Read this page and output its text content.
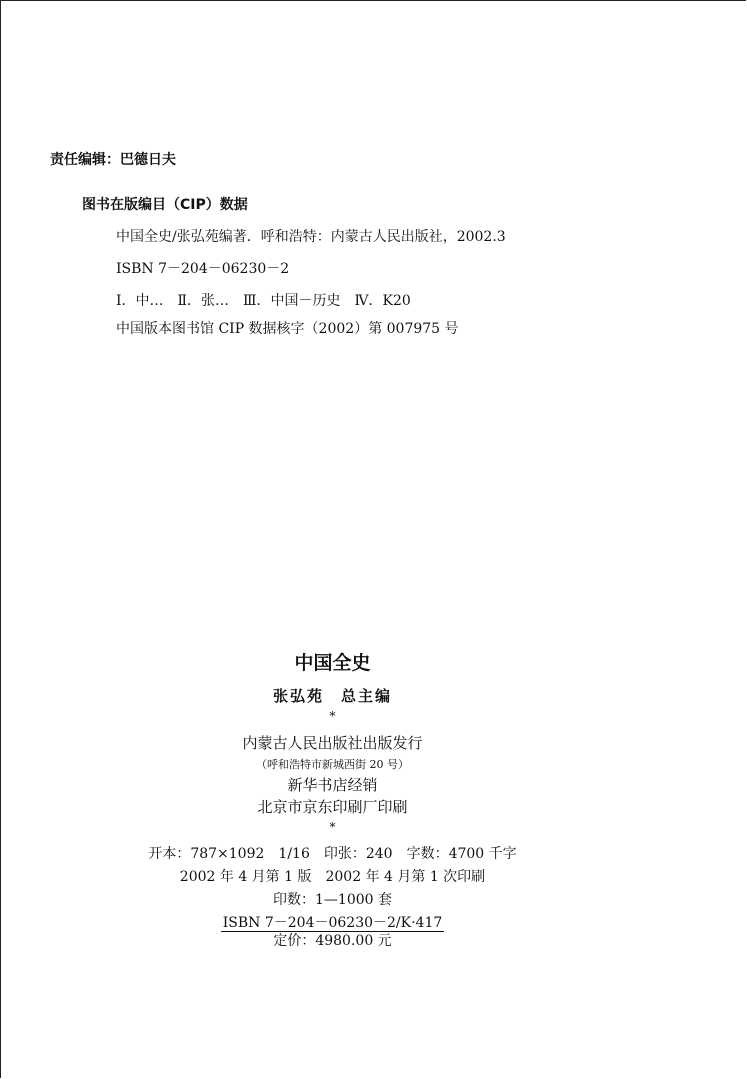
责任编辑：巴德日夫
图书在版编目（CIP）数据
中国全史/张弘苑编著．呼和浩特：内蒙古人民出版社，2002.3
ISBN 7－204－06230－2
Ⅰ．中…　Ⅱ．张…　Ⅲ．中国－历史　Ⅳ．K20
中国版本图书馆 CIP 数据核字（2002）第 007975 号
中国全史
张弘苑　总主编
*
内蒙古人民出版社出版发行
（呼和浩特市新城西街 20 号）
新华书店经销
北京市京东印刷厂印刷
*
开本：787×1092　1/16　印张：240　字数：4700 千字
2002 年 4 月第 1 版　2002 年 4 月第 1 次印刷
印数：1—1000 套
ISBN 7－204－06230－2/K·417
定价：4980.00 元
